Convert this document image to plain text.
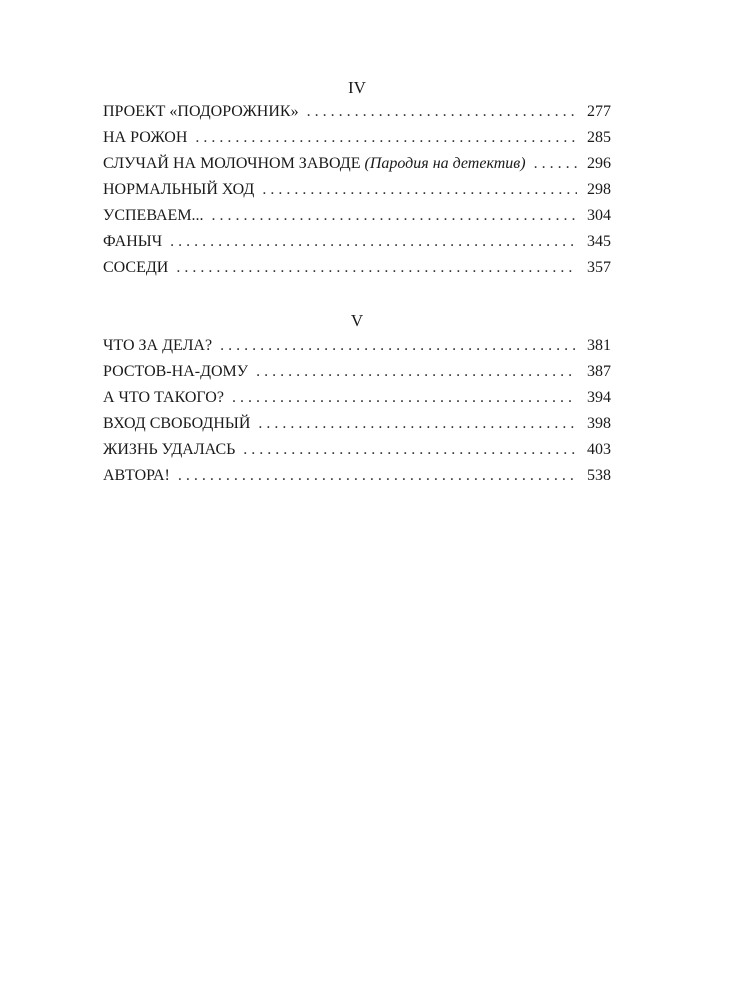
IV
ПРОЕКТ «ПОДОРОЖНИК» . . .	277
НА РОЖОН . . .	285
СЛУЧАЙ НА МОЛОЧНОМ ЗАВОДЕ (Пародия на детектив) . . .	296
НОРМАЛЬНЫЙ ХОД . . .	298
УСПЕВАЕМ... . . .	304
ФАНЫЧ . . .	345
СОСЕДИ . . .	357
V
ЧТО ЗА ДЕЛА? . . .	381
РОСТОВ-НА-ДОМУ . . .	387
А ЧТО ТАКОГО? . . .	394
ВХОД СВОБОДНЫЙ . . .	398
ЖИЗНЬ УДАЛАСЬ . . .	403
АВТОРА! . . .	538
